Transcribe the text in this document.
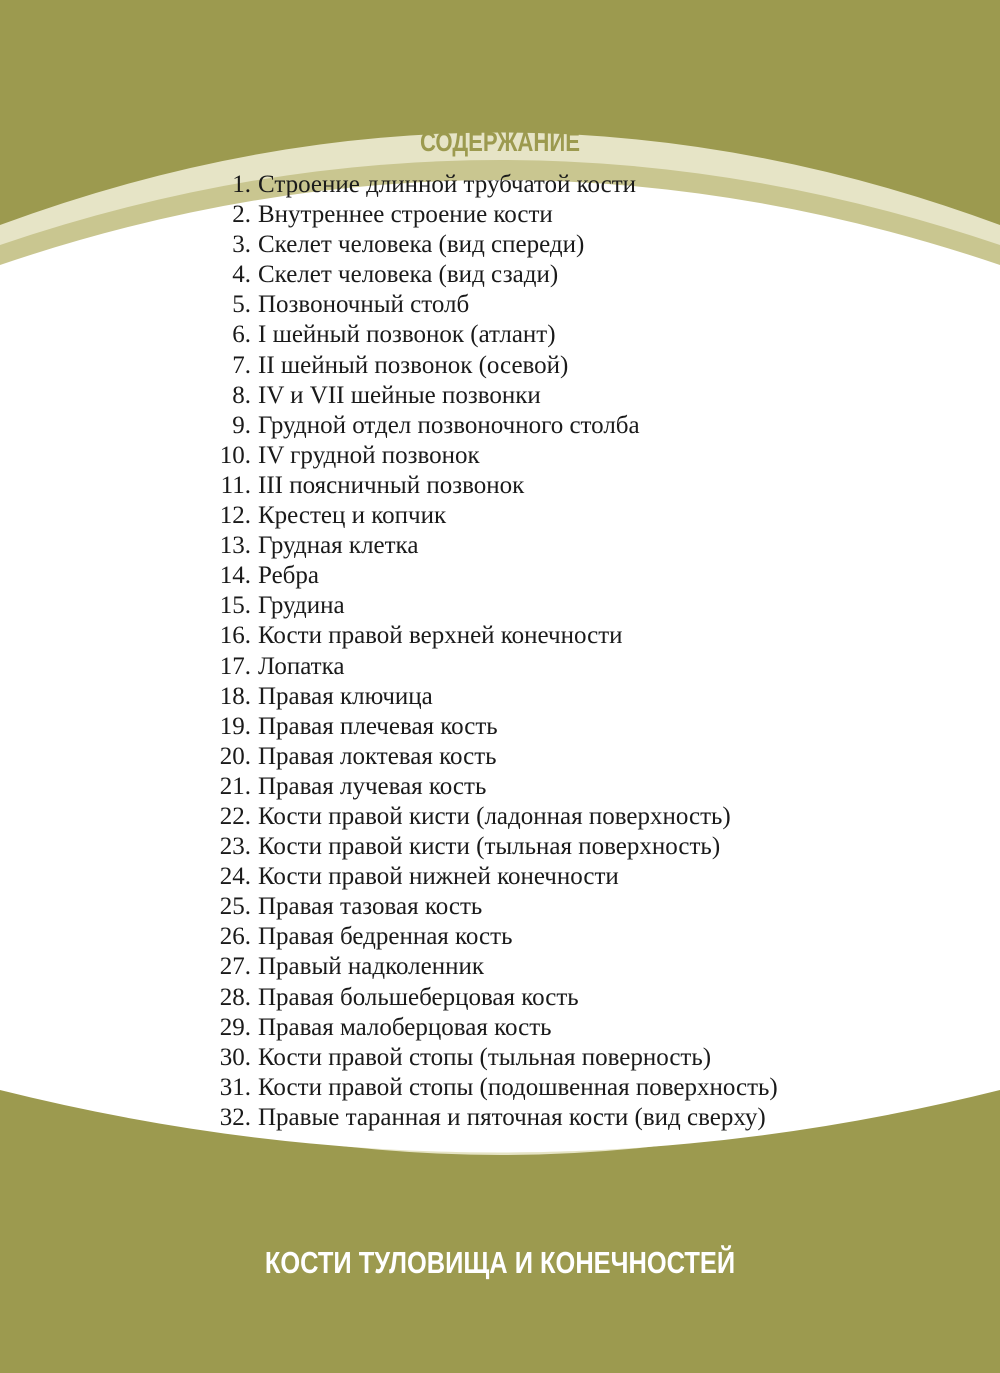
СОДЕРЖАНИЕ
1. Строение длинной трубчатой кости
2. Внутреннее строение кости
3. Скелет человека (вид спереди)
4. Скелет человека (вид сзади)
5. Позвоночный столб
6. I шейный позвонок (атлант)
7. II шейный позвонок (осевой)
8. IV и VII шейные позвонки
9. Грудной отдел позвоночного столба
10. IV грудной позвонок
11. III поясничный позвонок
12. Крестец и копчик
13. Грудная клетка
14. Ребра
15. Грудина
16. Кости правой верхней конечности
17. Лопатка
18. Правая ключица
19. Правая плечевая кость
20. Правая локтевая кость
21. Правая лучевая кость
22. Кости правой кисти (ладонная поверхность)
23. Кости правой кисти (тыльная поверхность)
24. Кости правой нижней конечности
25. Правая тазовая кость
26. Правая бедренная кость
27. Правый надколенник
28. Правая большеберцовая кость
29. Правая малоберцовая кость
30. Кости правой стопы (тыльная поверность)
31. Кости правой стопы (подошвенная поверхность)
32. Правые таранная и пяточная кости (вид сверху)
КОСТИ ТУЛОВИЩА И КОНЕЧНОСТЕЙ
